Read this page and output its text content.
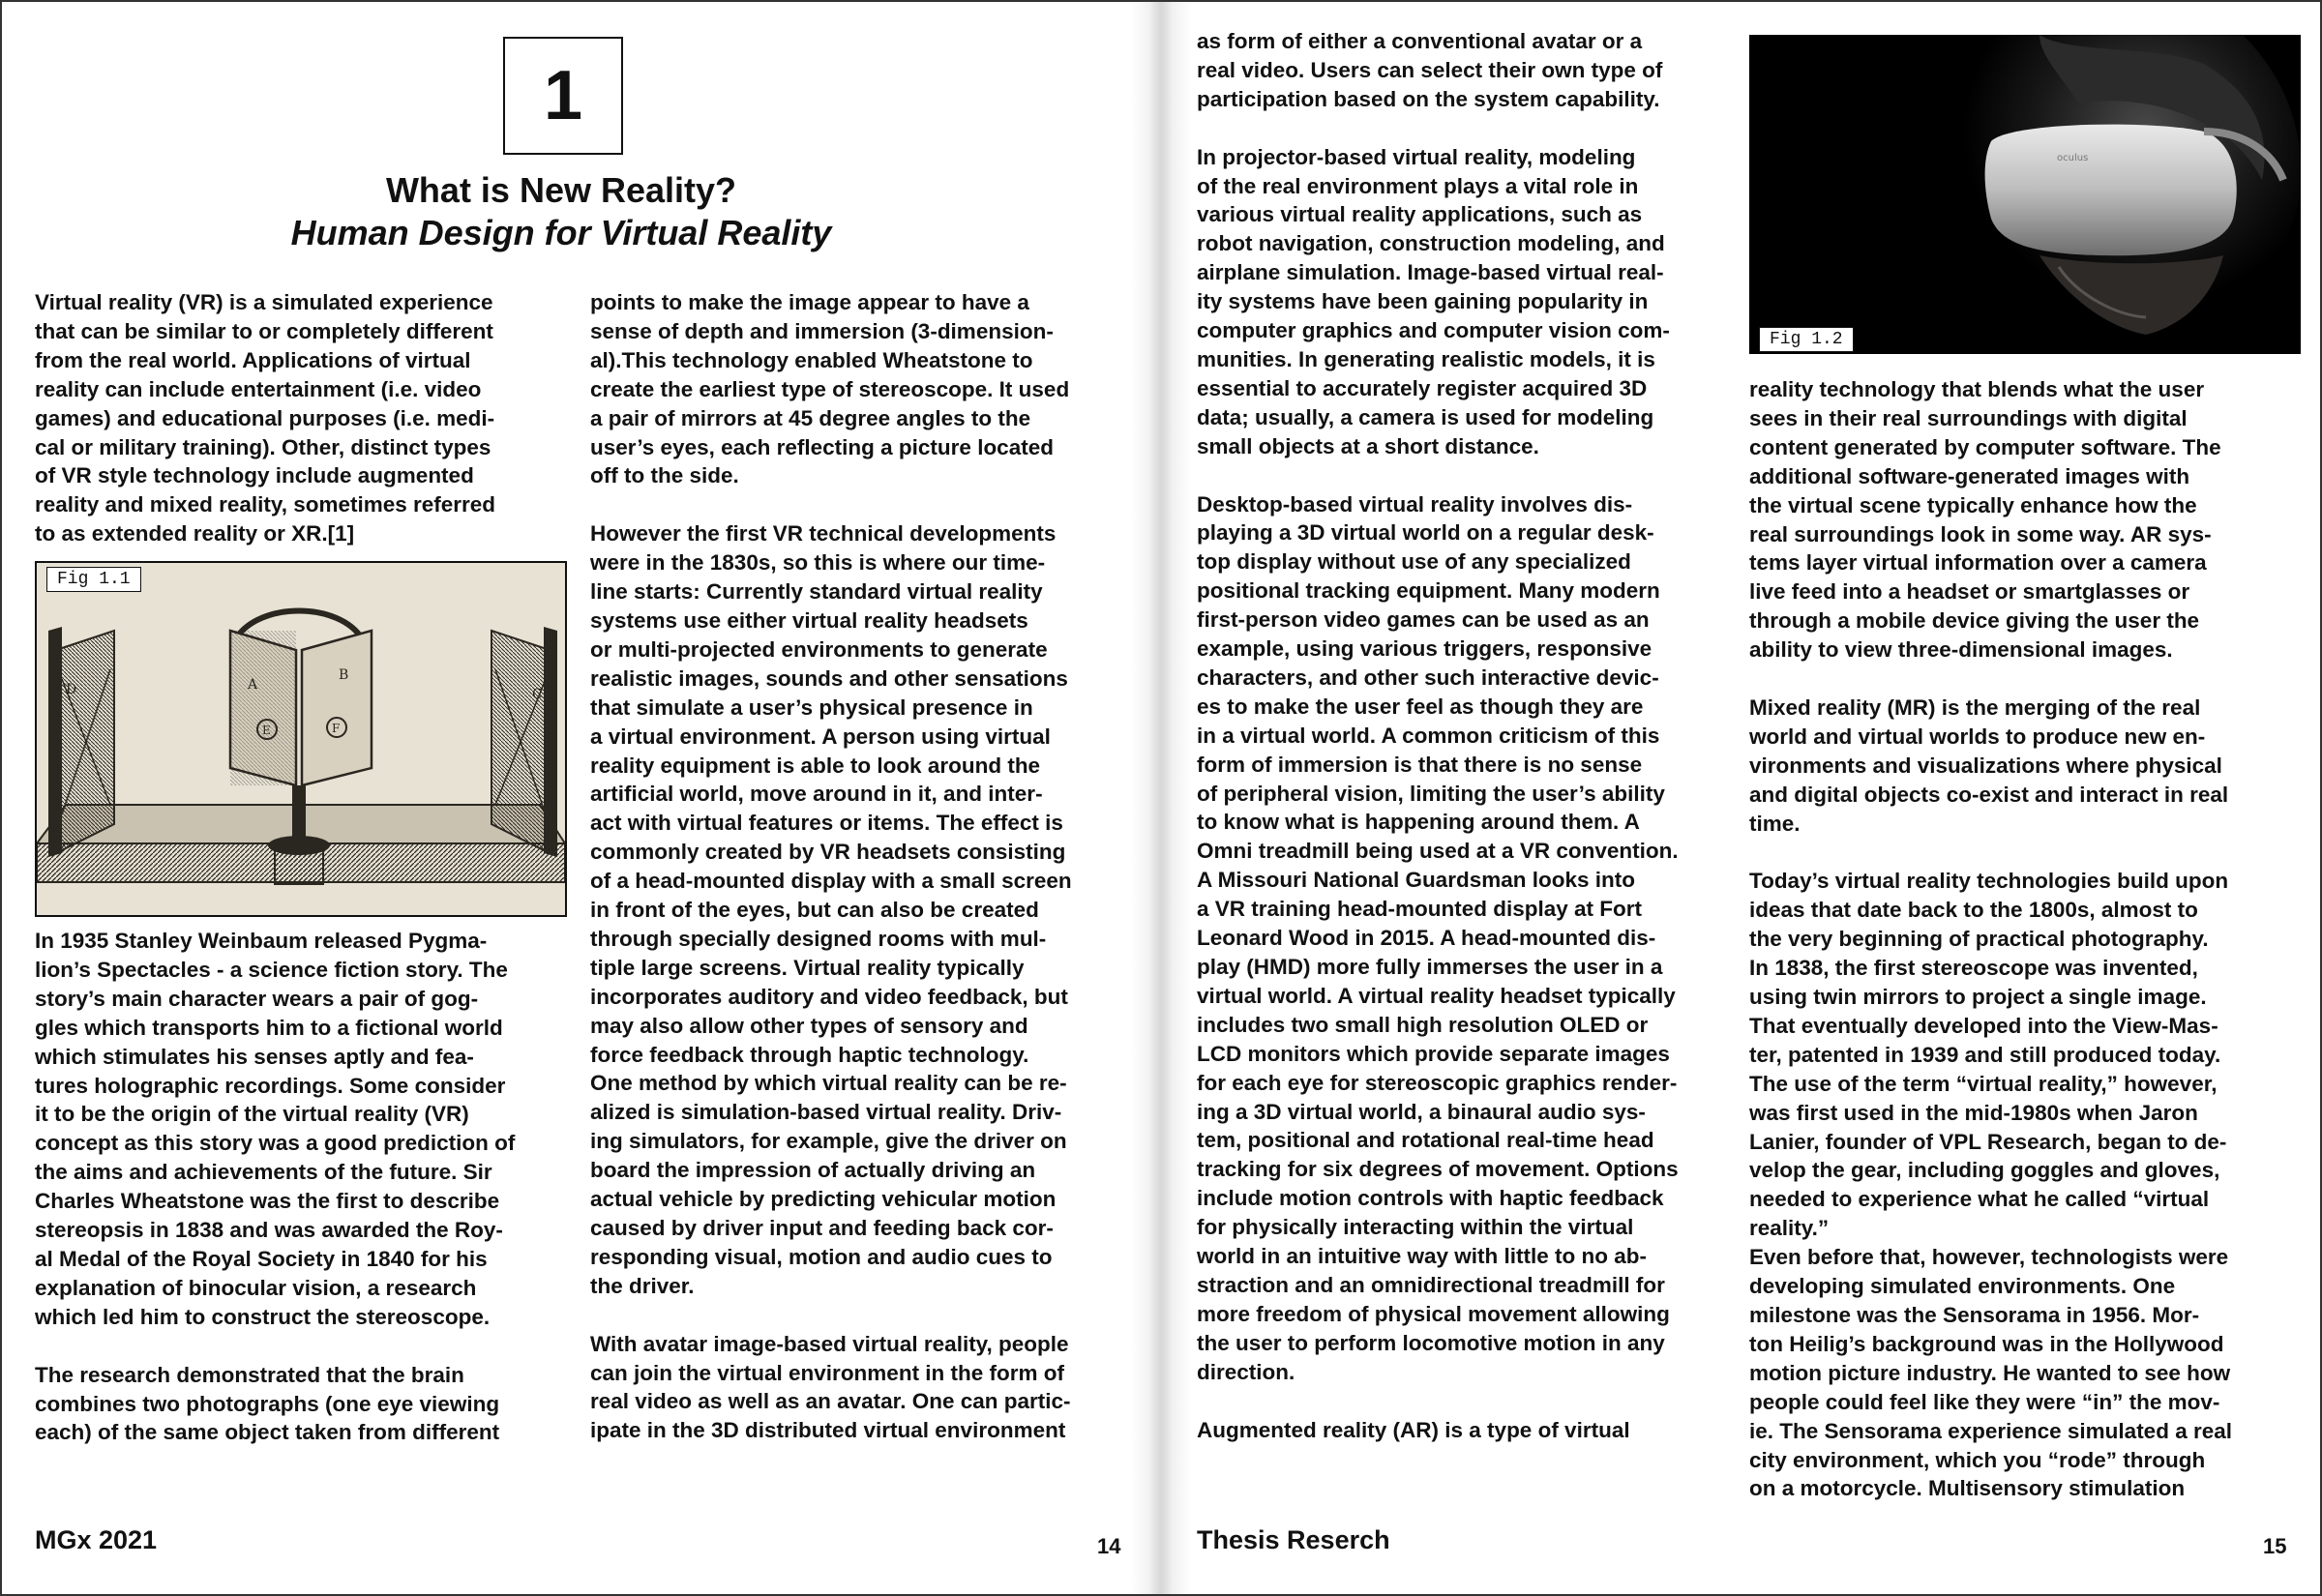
1
What is New Reality?
Human Design for Virtual Reality
Virtual reality (VR) is a simulated experience
that can be similar to or completely different
from the real world. Applications of virtual
reality can include entertainment (i.e. video
games) and educational purposes (i.e. medi-
cal or military training). Other, distinct types
of VR style technology include augmented
reality and mixed reality, sometimes referred
to as extended reality or XR.[1]
D	C
A
B
E	F
Fig 1.1
In 1935 Stanley Weinbaum released Pygma-
lion’s Spectacles - a science fiction story. The
story’s main character wears a pair of gog-
gles which transports him to a fictional world
which stimulates his senses aptly and fea-
tures holographic recordings. Some consider
it to be the origin of the virtual reality (VR)
concept as this story was a good prediction of
the aims and achievements of the future. Sir
Charles Wheatstone was the first to describe
stereopsis in 1838 and was awarded the Roy-
al Medal of the Royal Society in 1840 for his
explanation of binocular vision, a research
which led him to construct the stereoscope.

The research demonstrated that the brain
combines two photographs (one eye viewing
each) of the same object taken from different
points to make the image appear to have a
sense of depth and immersion (3-dimension-
al).This technology enabled Wheatstone to
create the earliest type of stereoscope. It used
a pair of mirrors at 45 degree angles to the
user’s eyes, each reflecting a picture located
off to the side.

However the first VR technical developments
were in the 1830s, so this is where our time-
line starts: Currently standard virtual reality
systems use either virtual reality headsets
or multi-projected environments to generate
realistic images, sounds and other sensations
that simulate a user’s physical presence in
a virtual environment. A person using virtual
reality equipment is able to look around the
artificial world, move around in it, and inter-
act with virtual features or items. The effect is
commonly created by VR headsets consisting
of a head-mounted display with a small screen
in front of the eyes, but can also be created
through specially designed rooms with mul-
tiple large screens. Virtual reality typically
incorporates auditory and video feedback, but
may also allow other types of sensory and
force feedback through haptic technology.
One method by which virtual reality can be re-
alized is simulation-based virtual reality. Driv-
ing simulators, for example, give the driver on
board the impression of actually driving an
actual vehicle by predicting vehicular motion
caused by driver input and feeding back cor-
responding visual, motion and audio cues to
the driver.

With avatar image-based virtual reality, people
can join the virtual environment in the form of
real video as well as an avatar. One can partic-
ipate in the 3D distributed virtual environment
MGx 2021	14
as form of either a conventional avatar or a
real video. Users can select their own type of
participation based on the system capability.

In projector-based virtual reality, modeling
of the real environment plays a vital role in
various virtual reality applications, such as
robot navigation, construction modeling, and
airplane simulation. Image-based virtual real-
ity systems have been gaining popularity in
computer graphics and computer vision com-
munities. In generating realistic models, it is
essential to accurately register acquired 3D
data; usually, a camera is used for modeling
small objects at a short distance.

Desktop-based virtual reality involves dis-
playing a 3D virtual world on a regular desk-
top display without use of any specialized
positional tracking equipment. Many modern
first-person video games can be used as an
example, using various triggers, responsive
characters, and other such interactive devic-
es to make the user feel as though they are
in a virtual world. A common criticism of this
form of immersion is that there is no sense
of peripheral vision, limiting the user’s ability
to know what is happening around them. A
Omni treadmill being used at a VR convention.
A Missouri National Guardsman looks into
a VR training head-mounted display at Fort
Leonard Wood in 2015. A head-mounted dis-
play (HMD) more fully immerses the user in a
virtual world. A virtual reality headset typically
includes two small high resolution OLED or
LCD monitors which provide separate images
for each eye for stereoscopic graphics render-
ing a 3D virtual world, a binaural audio sys-
tem, positional and rotational real-time head
tracking for six degrees of movement. Options
include motion controls with haptic feedback
for physically interacting within the virtual
world in an intuitive way with little to no ab-
straction and an omnidirectional treadmill for
more freedom of physical movement allowing
the user to perform locomotive motion in any
direction.

Augmented reality (AR) is a type of virtual
oculus
Fig 1.2
reality technology that blends what the user
sees in their real surroundings with digital
content generated by computer software. The
additional software-generated images with
the virtual scene typically enhance how the
real surroundings look in some way. AR sys-
tems layer virtual information over a camera
live feed into a headset or smartglasses or
through a mobile device giving the user the
ability to view three-dimensional images.

Mixed reality (MR) is the merging of the real
world and virtual worlds to produce new en-
vironments and visualizations where physical
and digital objects co-exist and interact in real
time.

Today’s virtual reality technologies build upon
ideas that date back to the 1800s, almost to
the very beginning of practical photography.
In 1838, the first stereoscope was invented,
using twin mirrors to project a single image.
That eventually developed into the View-Mas-
ter, patented in 1939 and still produced today.
The use of the term “virtual reality,” however,
was first used in the mid-1980s when Jaron
Lanier, founder of VPL Research, began to de-
velop the gear, including goggles and gloves,
needed to experience what he called “virtual
reality.”
Even before that, however, technologists were
developing simulated environments. One
milestone was the Sensorama in 1956. Mor-
ton Heilig’s background was in the Hollywood
motion picture industry. He wanted to see how
people could feel like they were “in” the mov-
ie. The Sensorama experience simulated a real
city environment, which you “rode” through
on a motorcycle. Multisensory stimulation
Thesis Reserch	15
